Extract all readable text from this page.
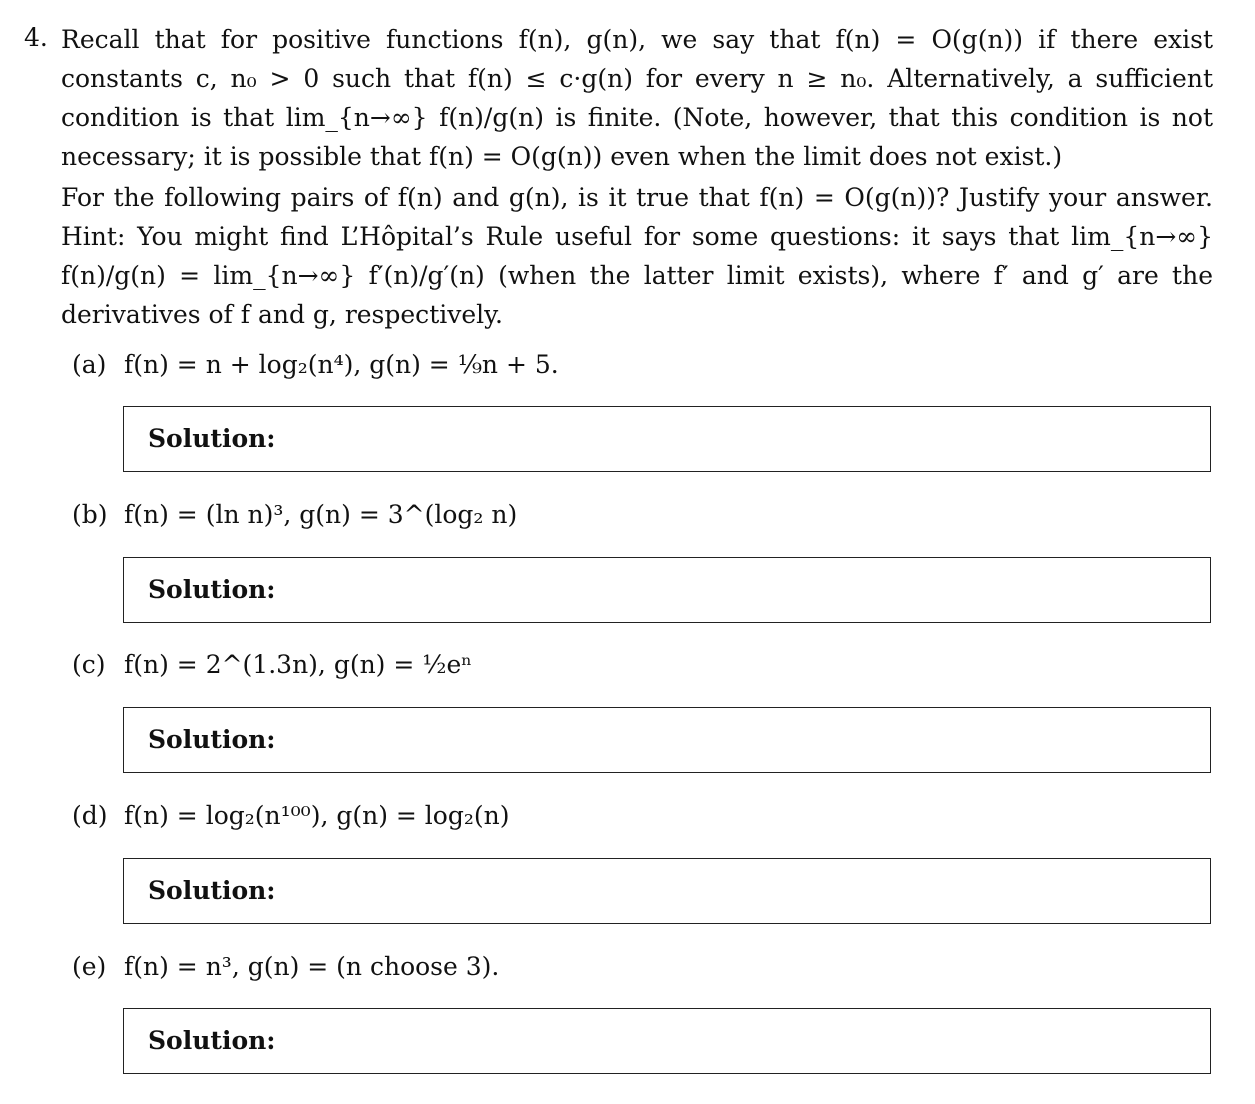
4. Recall that for positive functions f(n), g(n), we say that f(n) = O(g(n)) if there exist constants c, n₀ > 0 such that f(n) ≤ c·g(n) for every n ≥ n₀. Alternatively, a sufficient condition is that lim_{n→∞} f(n)/g(n) is finite. (Note, however, that this condition is not necessary; it is possible that f(n) = O(g(n)) even when the limit does not exist.)
For the following pairs of f(n) and g(n), is it true that f(n) = O(g(n))? Justify your answer. Hint: You might find L’Hôpital’s Rule useful for some questions: it says that lim_{n→∞} f(n)/g(n) = lim_{n→∞} f′(n)/g′(n) (when the latter limit exists), where f′ and g′ are the derivatives of f and g, respectively.
(a) f(n) = n + log₂(n⁴), g(n) = ⅑n + 5.
Solution:
(b) f(n) = (ln n)³, g(n) = 3^(log₂ n)
Solution:
(c) f(n) = 2^(1.3n), g(n) = ½eⁿ
Solution:
(d) f(n) = log₂(n¹⁰⁰), g(n) = log₂(n)
Solution:
(e) f(n) = n³, g(n) = (n choose 3).
Solution:
